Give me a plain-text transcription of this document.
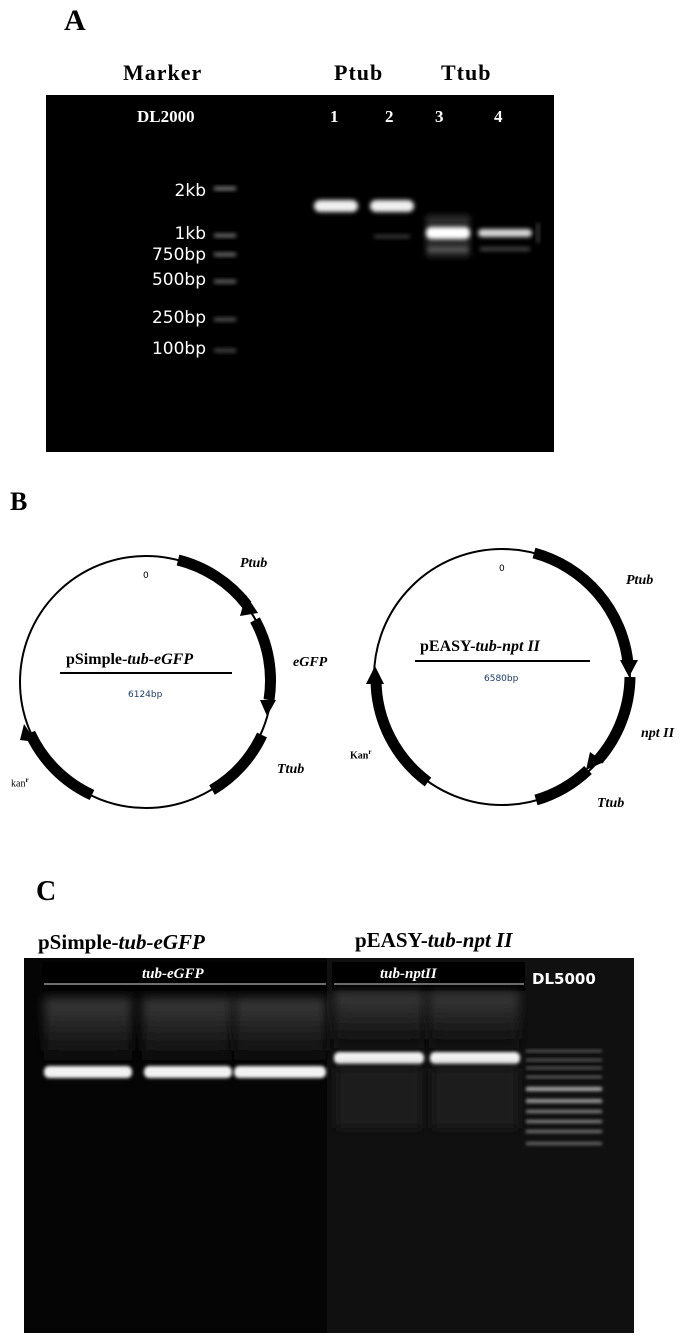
A
Marker	Ptub	Ttub
DL2000	1	2 3	4
2kb
1kb
750bp
500bp
250bp
100bp
B
0
pSimple-tub-eGFP
6124bp
Ptub
eGFP
Ttub
kan$^r$
0
pEASY-tub-npt II
6580bp
Ptub
npt II
Ttub
Kan$^r$
C
pSimple-tub-eGFP	pEASY-tub-npt II
tub-eGFP	tub-nptII	DL5000
